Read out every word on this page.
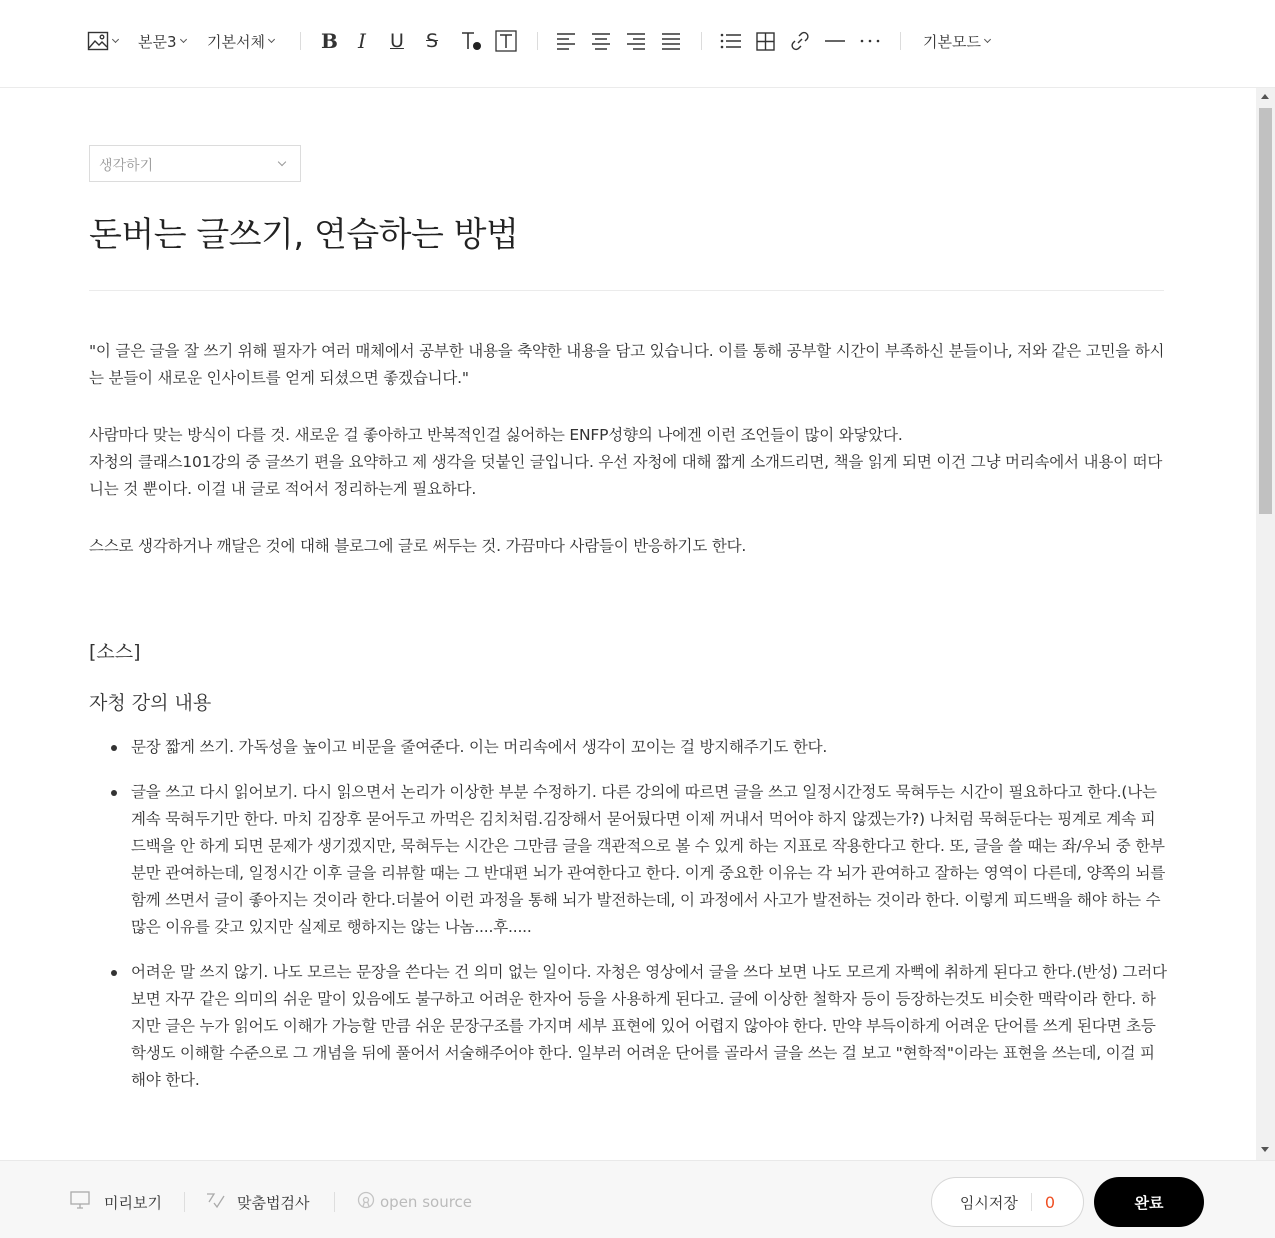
본문3 기본서체	B I U S	기본모드
생각하기
돈버는 글쓰기, 연습하는 방법

"이 글은 글을 잘 쓰기 위해 필자가 여러 매체에서 공부한 내용을 축약한 내용을 담고 있습니다. 이를 통해 공부할 시간이 부족하신 분들이나, 저와 같은 고민을 하시는 분들이 새로운 인사이트를 얻게 되셨으면 좋겠습니다."

사람마다 맞는 방식이 다를 것. 새로운 걸 좋아하고 반복적인걸 싫어하는 ENFP성향의 나에겐 이런 조언들이 많이 와닿았다.

자청의 클래스101강의 중 글쓰기 편을 요약하고 제 생각을 덧붙인 글입니다. 우선 자청에 대해 짧게 소개드리면, 책을 읽게 되면 이건 그냥 머리속에서 내용이 떠다니는 것 뿐이다. 이걸 내 글로 적어서 정리하는게 필요하다.

스스로 생각하거나 깨달은 것에 대해 블로그에 글로 써두는 것. 가끔마다 사람들이 반응하기도 한다.

[소스]
자청 강의 내용
문장 짧게 쓰기. 가독성을 높이고 비문을 줄여준다. 이는 머리속에서 생각이 꼬이는 걸 방지해주기도 한다.
글을 쓰고 다시 읽어보기. 다시 읽으면서 논리가 이상한 부분 수정하기. 다른 강의에 따르면 글을 쓰고 일정시간정도 묵혀두는 시간이 필요하다고 한다.(나는 계속 묵혀두기만 한다. 마치 김장후 묻어두고 까먹은 김치처럼.김장해서 묻어뒀다면 이제 꺼내서 먹어야 하지 않겠는가?) 나처럼 묵혀둔다는 핑계로 계속 피드백을 안 하게 되면 문제가 생기겠지만, 묵혀두는 시간은 그만큼 글을 객관적으로 볼 수 있게 하는 지표로 작용한다고 한다. 또, 글을 쓸 때는 좌/우뇌 중 한부분만 관여하는데, 일정시간 이후 글을 리뷰할 때는 그 반대편 뇌가 관여한다고 한다. 이게 중요한 이유는 각 뇌가 관여하고 잘하는 영역이 다른데, 양쪽의 뇌를 함께 쓰면서 글이 좋아지는 것이라 한다.더불어 이런 과정을 통해 뇌가 발전하는데, 이 과정에서 사고가 발전하는 것이라 한다. 이렇게 피드백을 해야 하는 수많은 이유를 갖고 있지만 실제로 행하지는 않는 나놈....후.....
어려운 말 쓰지 않기. 나도 모르는 문장을 쓴다는 건 의미 없는 일이다. 자청은 영상에서 글을 쓰다 보면 나도 모르게 자뻑에 취하게 된다고 한다.(반성) 그러다보면 자꾸 같은 의미의 쉬운 말이 있음에도 불구하고 어려운 한자어 등을 사용하게 된다고. 글에 이상한 철학자 등이 등장하는것도 비슷한 맥락이라 한다. 하지만 글은 누가 읽어도 이해가 가능할 만큼 쉬운 문장구조를 가지며 세부 표현에 있어 어렵지 않아야 한다. 만약 부득이하게 어려운 단어를 쓰게 된다면 초등학생도 이해할 수준으로 그 개념을 뒤에 풀어서 서술해주어야 한다. 일부러 어려운 단어를 골라서 글을 쓰는 걸 보고 "현학적"이라는 표현을 쓰는데, 이걸 피해야 한다.
미리보기	맞춤법검사	open source	임시저장 0	완료
